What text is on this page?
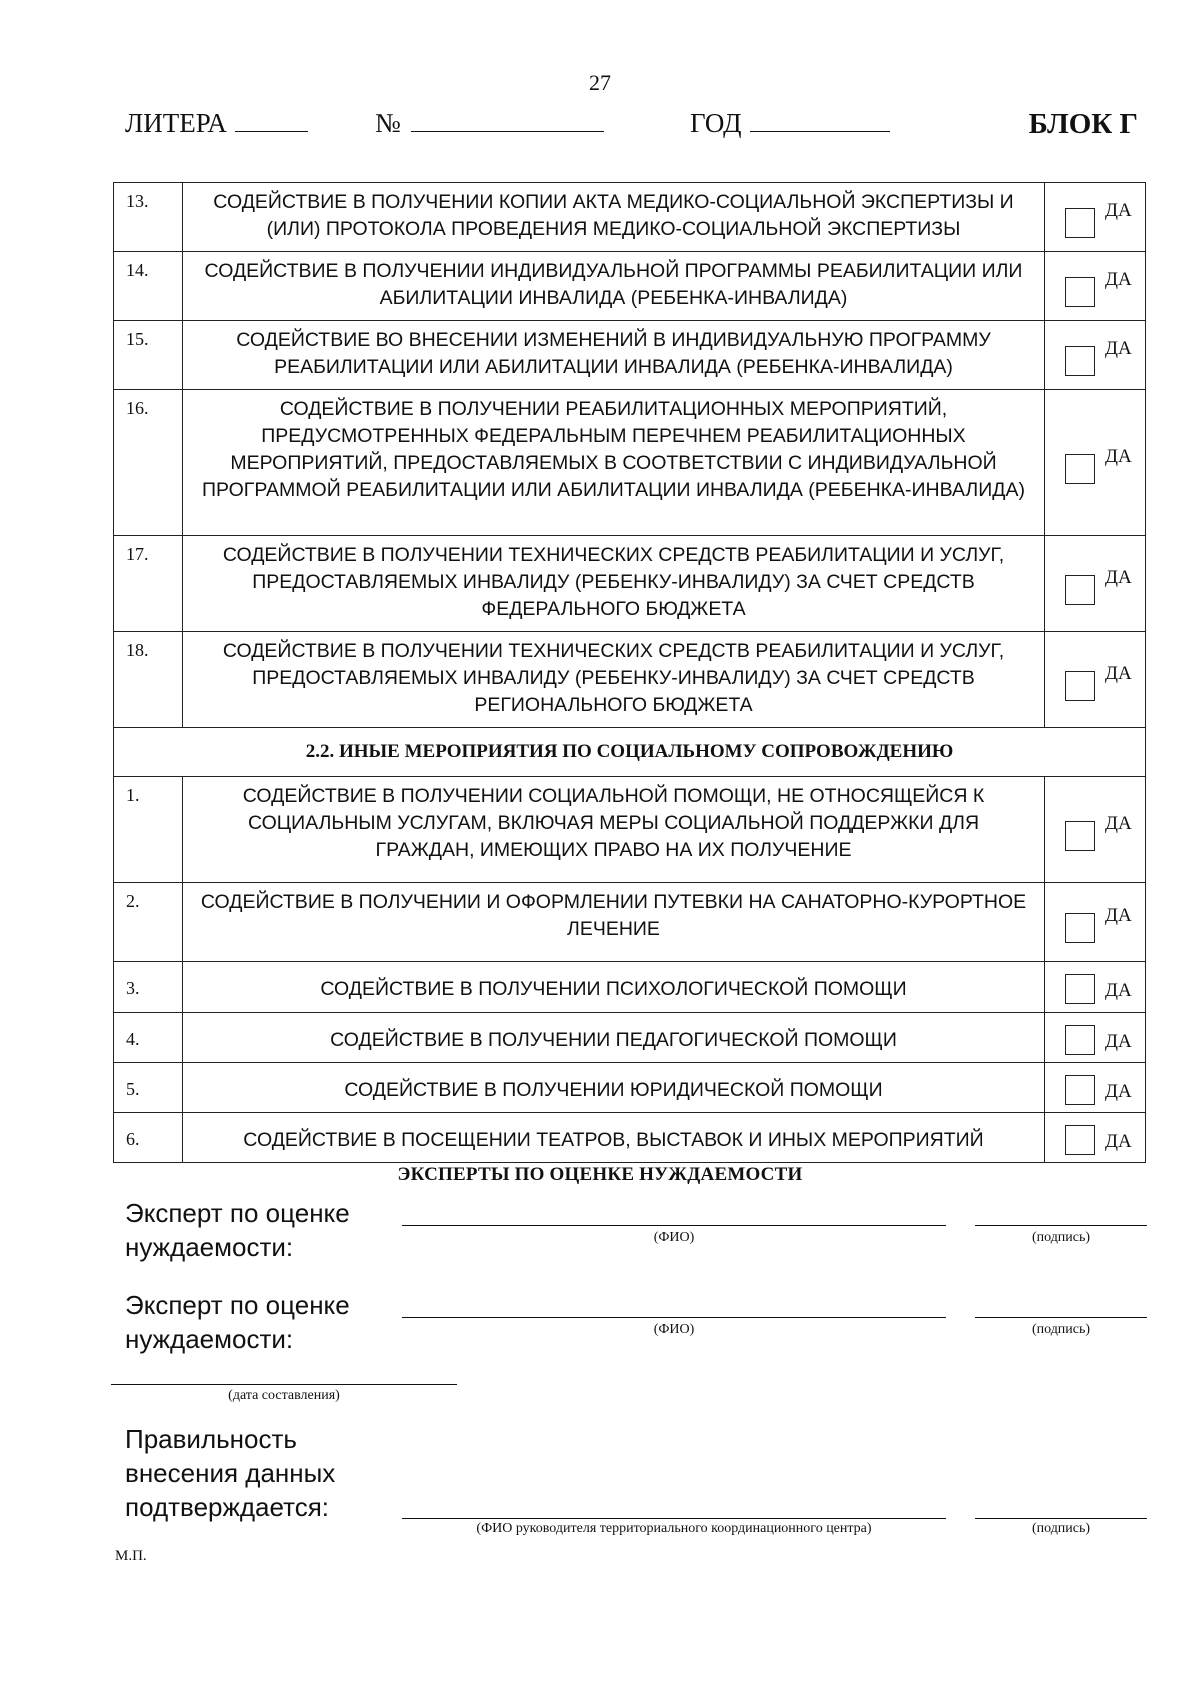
27
ЛИТЕРА	№	ГОД	БЛОК Г
13.	СОДЕЙСТВИЕ В ПОЛУЧЕНИИ КОПИИ АКТА МЕДИКО-СОЦИАЛЬНОЙ ЭКСПЕРТИЗЫ И (ИЛИ) ПРОТОКОЛА ПРОВЕДЕНИЯ МЕДИКО-СОЦИАЛЬНОЙ ЭКСПЕРТИЗЫ	ДА

14.	СОДЕЙСТВИЕ В ПОЛУЧЕНИИ ИНДИВИДУАЛЬНОЙ ПРОГРАММЫ РЕАБИЛИТАЦИИ ИЛИ АБИЛИТАЦИИ ИНВАЛИДА (РЕБЕНКА-ИНВАЛИДА)	ДА

15.	СОДЕЙСТВИЕ ВО ВНЕСЕНИИ ИЗМЕНЕНИЙ В ИНДИВИДУАЛЬНУЮ ПРОГРАММУ РЕАБИЛИТАЦИИ ИЛИ АБИЛИТАЦИИ ИНВАЛИДА (РЕБЕНКА-ИНВАЛИДА)	ДА

16.	СОДЕЙСТВИЕ В ПОЛУЧЕНИИ РЕАБИЛИТАЦИОННЫХ МЕРОПРИЯТИЙ, ПРЕДУСМОТРЕННЫХ ФЕДЕРАЛЬНЫМ ПЕРЕЧНЕМ РЕАБИЛИТАЦИОННЫХ МЕРОПРИЯТИЙ, ПРЕДОСТАВЛЯЕМЫХ В СООТВЕТСТВИИ С ИНДИВИДУАЛЬНОЙ ПРОГРАММОЙ РЕАБИЛИТАЦИИ ИЛИ АБИЛИТАЦИИ ИНВАЛИДА (РЕБЕНКА-ИНВАЛИДА)	ДА

17.	СОДЕЙСТВИЕ В ПОЛУЧЕНИИ ТЕХНИЧЕСКИХ СРЕДСТВ РЕАБИЛИТАЦИИ И УСЛУГ, ПРЕДОСТАВЛЯЕМЫХ ИНВАЛИДУ (РЕБЕНКУ-ИНВАЛИДУ) ЗА СЧЕТ СРЕДСТВ ФЕДЕРАЛЬНОГО БЮДЖЕТА	ДА

18.	СОДЕЙСТВИЕ В ПОЛУЧЕНИИ ТЕХНИЧЕСКИХ СРЕДСТВ РЕАБИЛИТАЦИИ И УСЛУГ, ПРЕДОСТАВЛЯЕМЫХ ИНВАЛИДУ (РЕБЕНКУ-ИНВАЛИДУ) ЗА СЧЕТ СРЕДСТВ РЕГИОНАЛЬНОГО БЮДЖЕТА	ДА

2.2. ИНЫЕ МЕРОПРИЯТИЯ ПО СОЦИАЛЬНОМУ СОПРОВОЖДЕНИЮ		
1.	СОДЕЙСТВИЕ В ПОЛУЧЕНИИ СОЦИАЛЬНОЙ ПОМОЩИ, НЕ ОТНОСЯЩЕЙСЯ К СОЦИАЛЬНЫМ УСЛУГАМ, ВКЛЮЧАЯ МЕРЫ СОЦИАЛЬНОЙ ПОДДЕРЖКИ ДЛЯ ГРАЖДАН, ИМЕЮЩИХ ПРАВО НА ИХ ПОЛУЧЕНИЕ	ДА

2.	СОДЕЙСТВИЕ В ПОЛУЧЕНИИ И ОФОРМЛЕНИИ ПУТЕВКИ НА САНАТОРНО-КУРОРТНОЕ ЛЕЧЕНИЕ	ДА

3.	СОДЕЙСТВИЕ В ПОЛУЧЕНИИ ПСИХОЛОГИЧЕСКОЙ ПОМОЩИ	ДА

4.	СОДЕЙСТВИЕ В ПОЛУЧЕНИИ ПЕДАГОГИЧЕСКОЙ ПОМОЩИ	ДА

5.	СОДЕЙСТВИЕ В ПОЛУЧЕНИИ ЮРИДИЧЕСКОЙ ПОМОЩИ	ДА

6.	СОДЕЙСТВИЕ В ПОСЕЩЕНИИ ТЕАТРОВ, ВЫСТАВОК И ИНЫХ МЕРОПРИЯТИЙ	ДА
ЭКСПЕРТЫ ПО ОЦЕНКЕ НУЖДАЕМОСТИ
Эксперт по оценке
нуждаемости:	(ФИО)	(подпись)
Эксперт по оценке
нуждаемости:	(ФИО)	(подпись)
(дата составления)
Правильность
внесения данных
подтверждается:
(ФИО руководителя территориального координационного центра)	(подпись)
М.П.
